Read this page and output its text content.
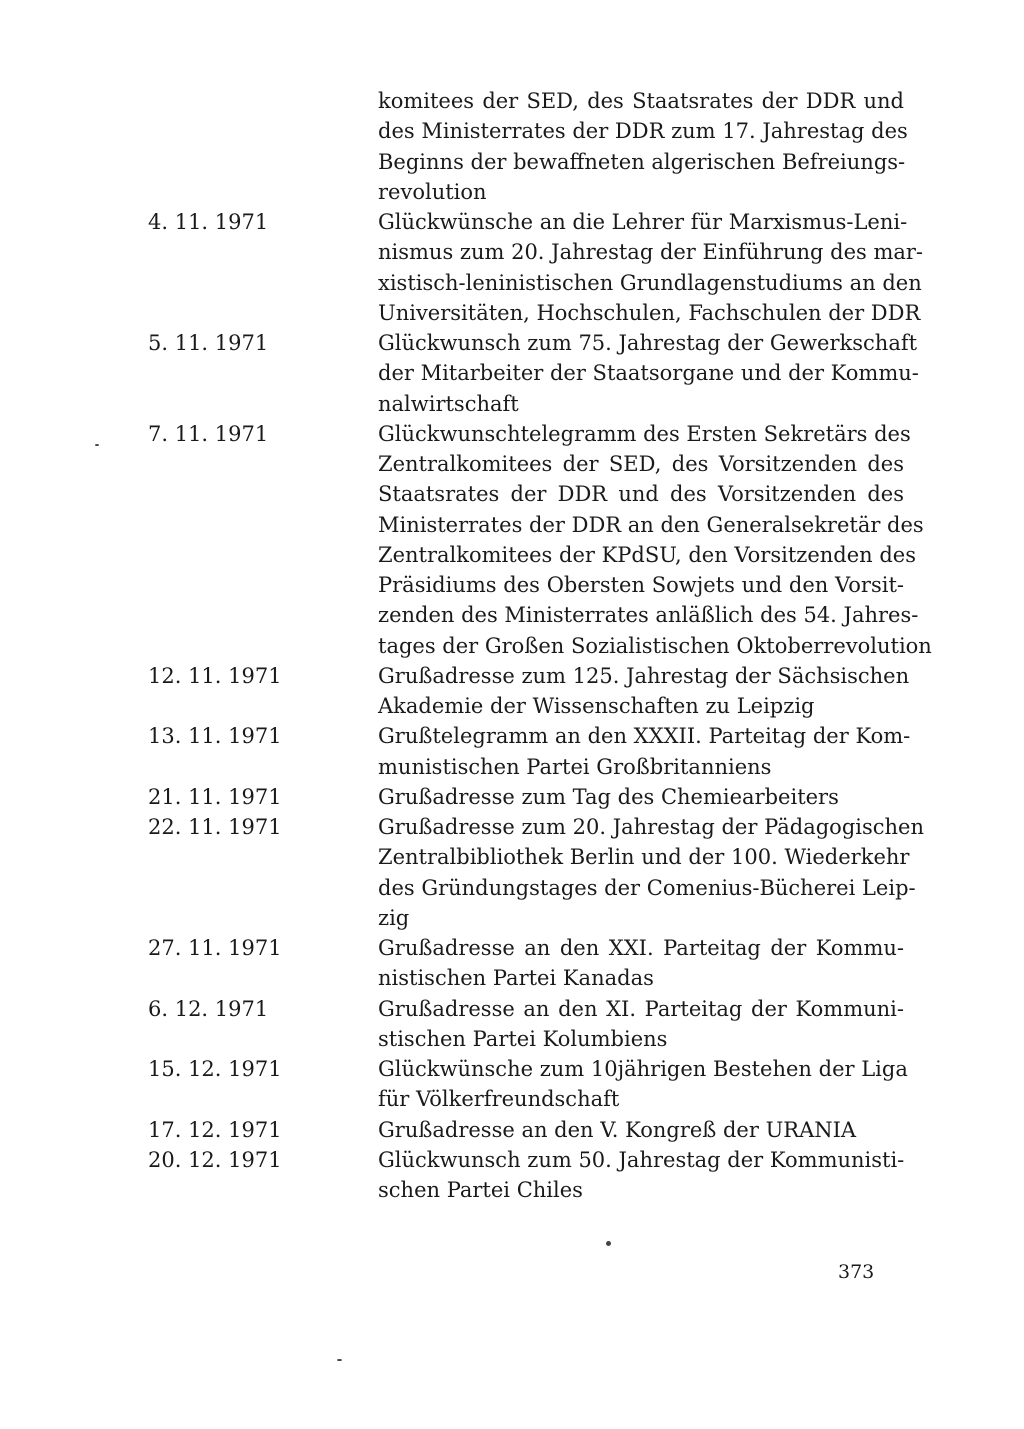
komitees der SED, des Staatsrates der DDR und
des Ministerrates der DDR zum 17. Jahrestag des
Beginns der bewaffneten algerischen Befreiungs-
revolution
4. 11. 1971	Glückwünsche an die Lehrer für Marxismus-Leni-
nismus zum 20. Jahrestag der Einführung des mar-
xistisch-leninistischen Grundlagenstudiums an den
Universitäten, Hochschulen, Fachschulen der DDR
5. 11. 1971	Glückwunsch zum 75. Jahrestag der Gewerkschaft
der Mitarbeiter der Staatsorgane und der Kommu-
nalwirtschaft
7. 11. 1971	Glückwunschtelegramm des Ersten Sekretärs des
Zentralkomitees der SED, des Vorsitzenden des
Staatsrates der DDR und des Vorsitzenden des
Ministerrates der DDR an den Generalsekretär des
Zentralkomitees der KPdSU, den Vorsitzenden des
Präsidiums des Obersten Sowjets und den Vorsit-
zenden des Ministerrates anläßlich des 54. Jahres-
tages der Großen Sozialistischen Oktoberrevolution
12. 11. 1971	Grußadresse zum 125. Jahrestag der Sächsischen
Akademie der Wissenschaften zu Leipzig
13. 11. 1971	Grußtelegramm an den XXXII. Parteitag der Kom-
munistischen Partei Großbritanniens
21. 11. 1971	Grußadresse zum Tag des Chemiearbeiters
22. 11. 1971	Grußadresse zum 20. Jahrestag der Pädagogischen
Zentralbibliothek Berlin und der 100. Wiederkehr
des Gründungstages der Comenius-Bücherei Leip-
zig
27. 11. 1971	Grußadresse an den XXI. Parteitag der Kommu-
nistischen Partei Kanadas
6. 12. 1971	Grußadresse an den XI. Parteitag der Kommuni-
stischen Partei Kolumbiens
15. 12. 1971	Glückwünsche zum 10jährigen Bestehen der Liga
für Völkerfreundschaft
17. 12. 1971	Grußadresse an den V. Kongreß der URANIA
20. 12. 1971	Glückwunsch zum 50. Jahrestag der Kommunisti-
schen Partei Chiles
373
